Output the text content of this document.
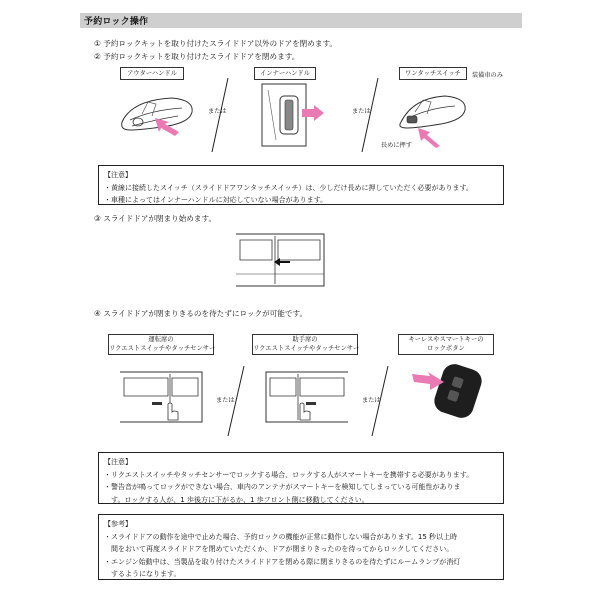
予約ロック操作
① 予約ロックキットを取り付けたスライドドア以外のドアを閉めます。
② 予約ロックキットを取り付けたスライドドアを閉めます。
アウターハンドル	インナーハンドル	ワンタッチスイッチ	装備車のみ
または	または
長めに押す
【注意】
・黄線に接続したスイッチ（スライドドアワンタッチスイッチ）は、少しだけ長めに押していただく必要があります。
・車種によってはインナーハンドルに対応していない場合があります。
③ スライドドアが閉まり始めます。
④ スライドドアが閉まりきるのを待たずにロックが可能です。
運転席の
リクエストスイッチやタッチセンサー
助手席の
リクエストスイッチやタッチセンサー
キーレスやスマートキーの
ロックボタン
または	または
【注意】
・リクエストスイッチやタッチセンサーでロックする場合、ロックする人がスマートキーを携帯する必要があります。
・警告音が鳴ってロックができない場合、車内のアンテナがスマートキーを検知してしまっている可能性がありま
　す。ロックする人が、1 歩後方に下がるか、1 歩フロント側に移動してください。
【参考】
・スライドドアの動作を途中で止めた場合、予約ロックの機能が正常に動作しない場合があります。15 秒以上時
　間をおいて再度スライドドアを閉めていただくか、ドアが閉まりきったのを待ってからロックしてください。
・エンジン始動中は、当製品を取り付けたスライドドアを閉める際に閉まりきるのを待たずにルームランプが消灯
　するようになります。
